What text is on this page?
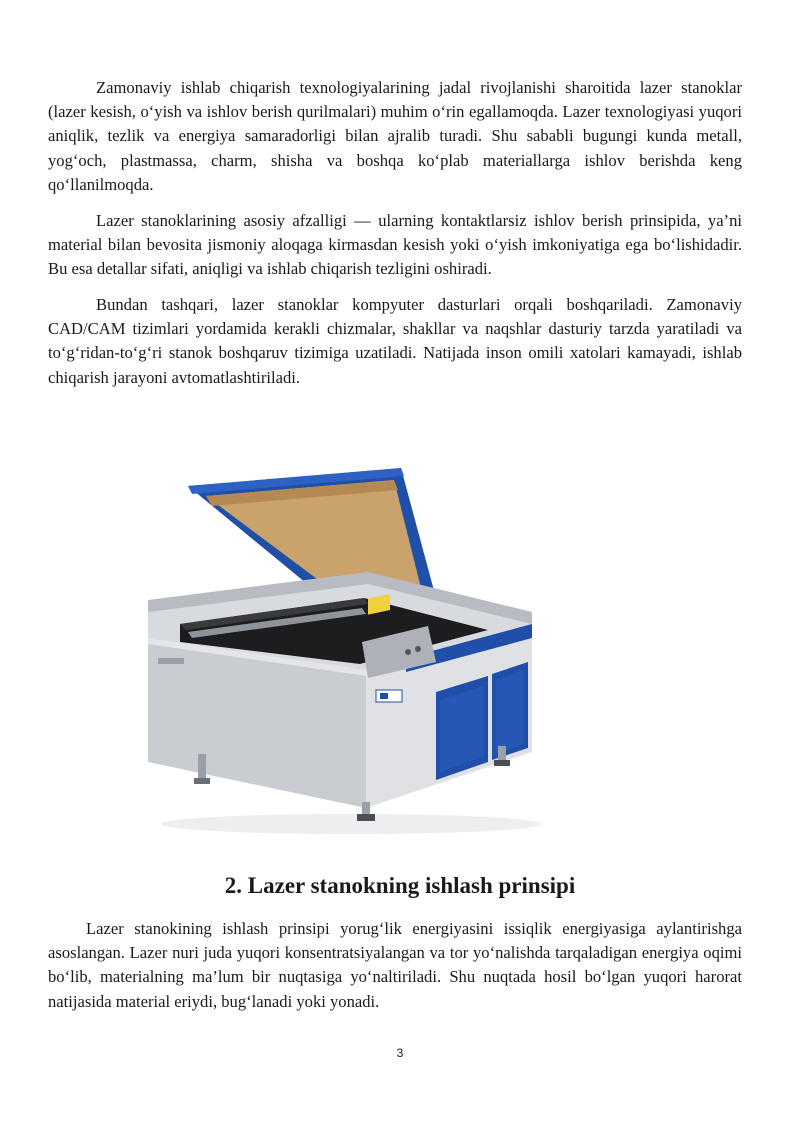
Zamonaviy ishlab chiqarish texnologiyalarining jadal rivojlanishi sharoitida lazer stanoklar (lazer kesish, o‘yish va ishlov berish qurilmalari) muhim o‘rin egallamoqda. Lazer texnologiyasi yuqori aniqlik, tezlik va energiya samaradorligi bilan ajralib turadi. Shu sababli bugungi kunda metall, yog‘och, plastmassa, charm, shisha va boshqa ko‘plab materiallarga ishlov berishda keng qo‘llanilmoqda.

Lazer stanoklarining asosiy afzalligi — ularning kontaktlarsiz ishlov berish prinsipida, ya’ni material bilan bevosita jismoniy aloqaga kirmasdan kesish yoki o‘yish imkoniyatiga ega bo‘lishidadir. Bu esa detallar sifati, aniqligi va ishlab chiqarish tezligini oshiradi.

Bundan tashqari, lazer stanoklar kompyuter dasturlari orqali boshqariladi. Zamonaviy CAD/CAM tizimlari yordamida kerakli chizmalar, shakllar va naqshlar dasturiy tarzda yaratiladi va to‘g‘ridan-to‘g‘ri stanok boshqaruv tizimiga uzatiladi. Natijada inson omili xatolari kamayadi, ishlab chiqarish jarayoni avtomatlashtiriladi.

2. Lazer stanokning ishlash prinsipi

Lazer stanokining ishlash prinsipi yorug‘lik energiyasini issiqlik energiyasiga aylantirishga asoslangan. Lazer nuri juda yuqori konsentratsiyalangan va tor yo‘nalishda tarqaladigan energiya oqimi bo‘lib, materialning ma’lum bir nuqtasiga yo‘naltiriladi. Shu nuqtada hosil bo‘lgan yuqori harorat natijasida material eriydi, bug‘lanadi yoki yonadi.

3
